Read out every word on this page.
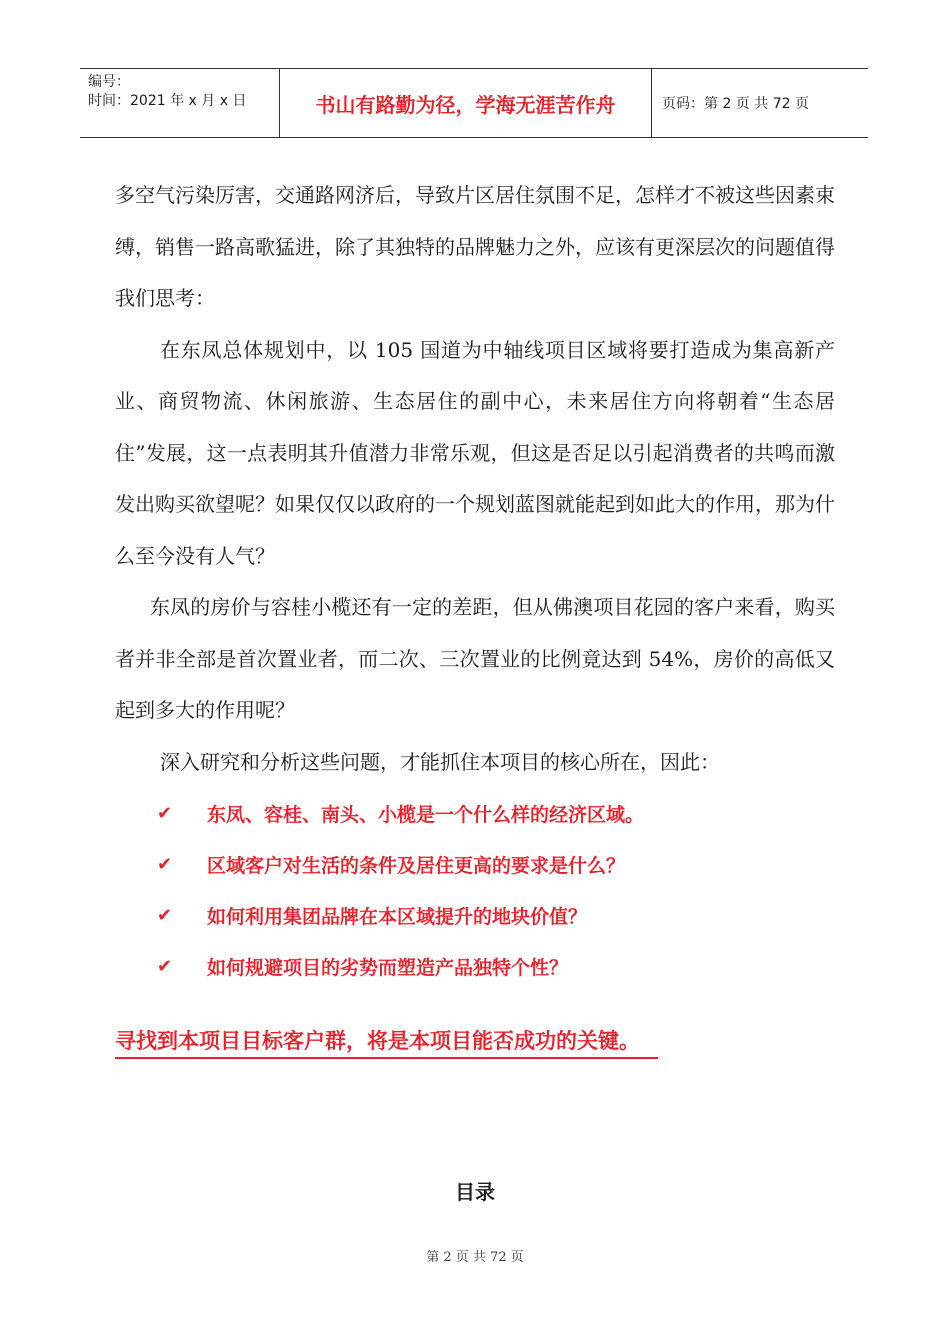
编号：
时间：2021 年 x 月 x 日	书山有路勤为径，学海无涯苦作舟	页码：第 2 页 共 72 页

多空气污染厉害，交通路网济后，导致片区居住氛围不足，怎样才不被这些因素束缚，销售一路高歌猛进，除了其独特的品牌魅力之外，应该有更深层次的问题值得我们思考：

在东凤总体规划中，以 105 国道为中轴线项目区域将要打造成为集高新产业、商贸物流、休闲旅游、生态居住的副中心，未来居住方向将朝着“生态居住”发展，这一点表明其升值潜力非常乐观，但这是否足以引起消费者的共鸣而激发出购买欲望呢？如果仅仅以政府的一个规划蓝图就能起到如此大的作用，那为什么至今没有人气？

东凤的房价与容桂小榄还有一定的差距，但从佛澳项目花园的客户来看，购买者并非全部是首次置业者，而二次、三次置业的比例竟达到 54%，房价的高低又起到多大的作用呢？

深入研究和分析这些问题，才能抓住本项目的核心所在，因此：

✔	东凤、容桂、南头、小榄是一个什么样的经济区域。
✔	区域客户对生活的条件及居住更高的要求是什么？
✔	如何利用集团品牌在本区域提升的地块价值？
✔	如何规避项目的劣势而塑造产品独特个性？
寻找到本项目目标客户群，将是本项目能否成功的关键。
目录
第 2 页 共 72 页
